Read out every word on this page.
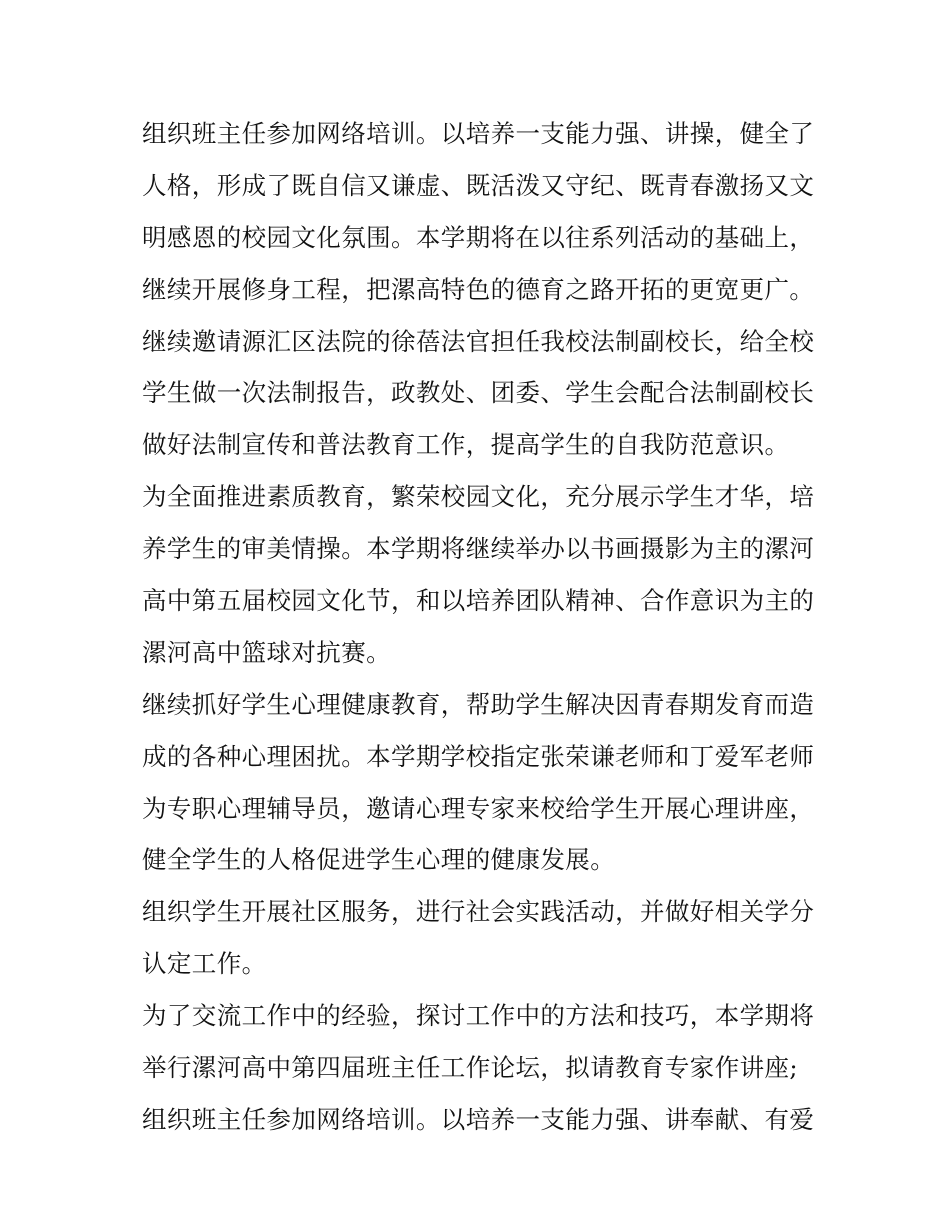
组织班主任参加网络培训。以培养一支能力强、讲操，健全了
人格，形成了既自信又谦虚、既活泼又守纪、既青春激扬又文
明感恩的校园文化氛围。本学期将在以往系列活动的基础上，
继续开展修身工程，把漯高特色的德育之路开拓的更宽更广。

继续邀请源汇区法院的徐蓓法官担任我校法制副校长，给全校
学生做一次法制报告，政教处、团委、学生会配合法制副校长
做好法制宣传和普法教育工作，提高学生的自我防范意识。

为全面推进素质教育，繁荣校园文化，充分展示学生才华，培
养学生的审美情操。本学期将继续举办以书画摄影为主的漯河
高中第五届校园文化节，和以培养团队精神、合作意识为主的
漯河高中篮球对抗赛。

继续抓好学生心理健康教育，帮助学生解决因青春期发育而造
成的各种心理困扰。本学期学校指定张荣谦老师和丁爱军老师
为专职心理辅导员，邀请心理专家来校给学生开展心理讲座，
健全学生的人格促进学生心理的健康发展。

组织学生开展社区服务，进行社会实践活动，并做好相关学分
认定工作。

为了交流工作中的经验，探讨工作中的方法和技巧，本学期将
举行漯河高中第四届班主任工作论坛，拟请教育专家作讲座;
组织班主任参加网络培训。以培养一支能力强、讲奉献、有爱
